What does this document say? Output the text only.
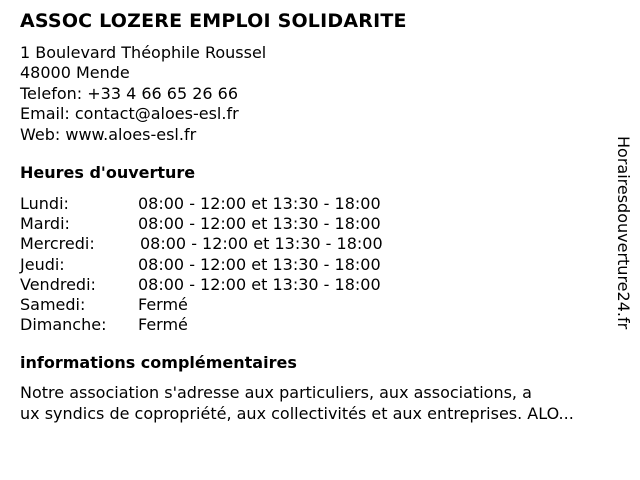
ASSOC LOZERE EMPLOI SOLIDARITE
1 Boulevard Théophile Roussel
48000 Mende
Telefon: +33 4 66 65 26 66
Email: contact@aloes-esl.fr
Web: www.aloes-esl.fr
Heures d'ouverture
Lundi:	08:00 - 12:00 et 13:30 - 18:00
Mardi:	08:00 - 12:00 et 13:30 - 18:00
Mercredi:	08:00 - 12:00 et 13:30 - 18:00
Jeudi:	08:00 - 12:00 et 13:30 - 18:00
Vendredi:	08:00 - 12:00 et 13:30 - 18:00
Samedi:	Fermé
Dimanche: Fermé
informations complémentaires
Notre association s'adresse aux particuliers, aux associations, a
ux syndics de copropriété, aux collectivités et aux entreprises. ALO...
Horairesdouverture24.fr
